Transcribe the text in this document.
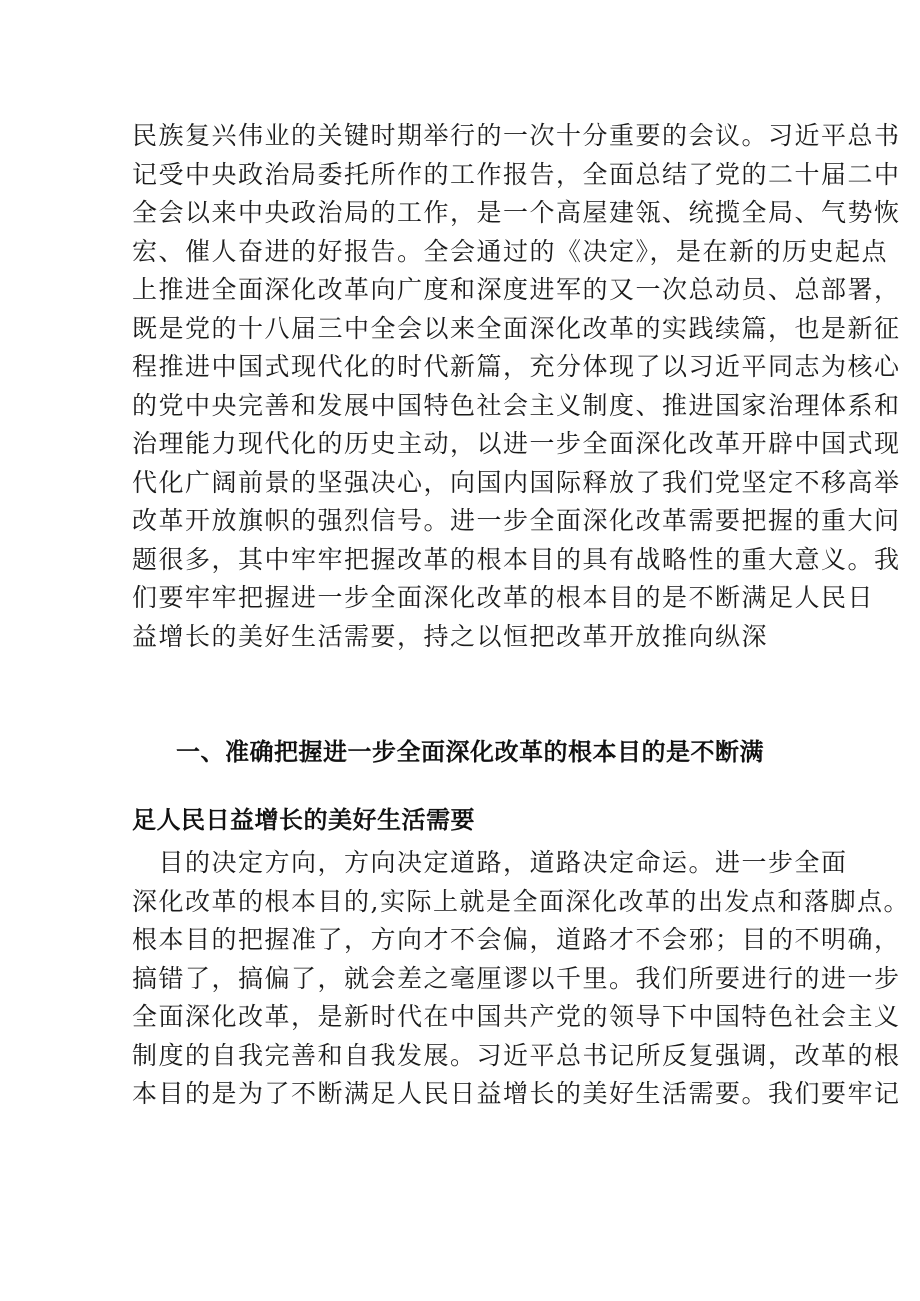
民族复兴伟业的关键时期举行的一次十分重要的会议。习近平总书
记受中央政治局委托所作的工作报告，全面总结了党的二十届二中
全会以来中央政治局的工作，是一个高屋建瓴、统揽全局、气势恢
宏、催人奋进的好报告。全会通过的《决定》，是在新的历史起点
上推进全面深化改革向广度和深度进军的又一次总动员、总部署，
既是党的十八届三中全会以来全面深化改革的实践续篇，也是新征
程推进中国式现代化的时代新篇，充分体现了以习近平同志为核心
的党中央完善和发展中国特色社会主义制度、推进国家治理体系和
治理能力现代化的历史主动，以进一步全面深化改革开辟中国式现
代化广阔前景的坚强决心，向国内国际释放了我们党坚定不移高举
改革开放旗帜的强烈信号。进一步全面深化改革需要把握的重大问
题很多，其中牢牢把握改革的根本目的具有战略性的重大意义。我
们要牢牢把握进一步全面深化改革的根本目的是不断满足人民日
益增长的美好生活需要，持之以恒把改革开放推向纵深
一、准确把握进一步全面深化改革的根本目的是不断满
足人民日益增长的美好生活需要
　目的决定方向，方向决定道路，道路决定命运。进一步全面
深化改革的根本目的,实际上就是全面深化改革的出发点和落脚点。
根本目的把握准了，方向才不会偏，道路才不会邪；目的不明确，
搞错了，搞偏了，就会差之毫厘谬以千里。我们所要进行的进一步
全面深化改革，是新时代在中国共产党的领导下中国特色社会主义
制度的自我完善和自我发展。习近平总书记所反复强调，改革的根
本目的是为了不断满足人民日益增长的美好生活需要。我们要牢记
